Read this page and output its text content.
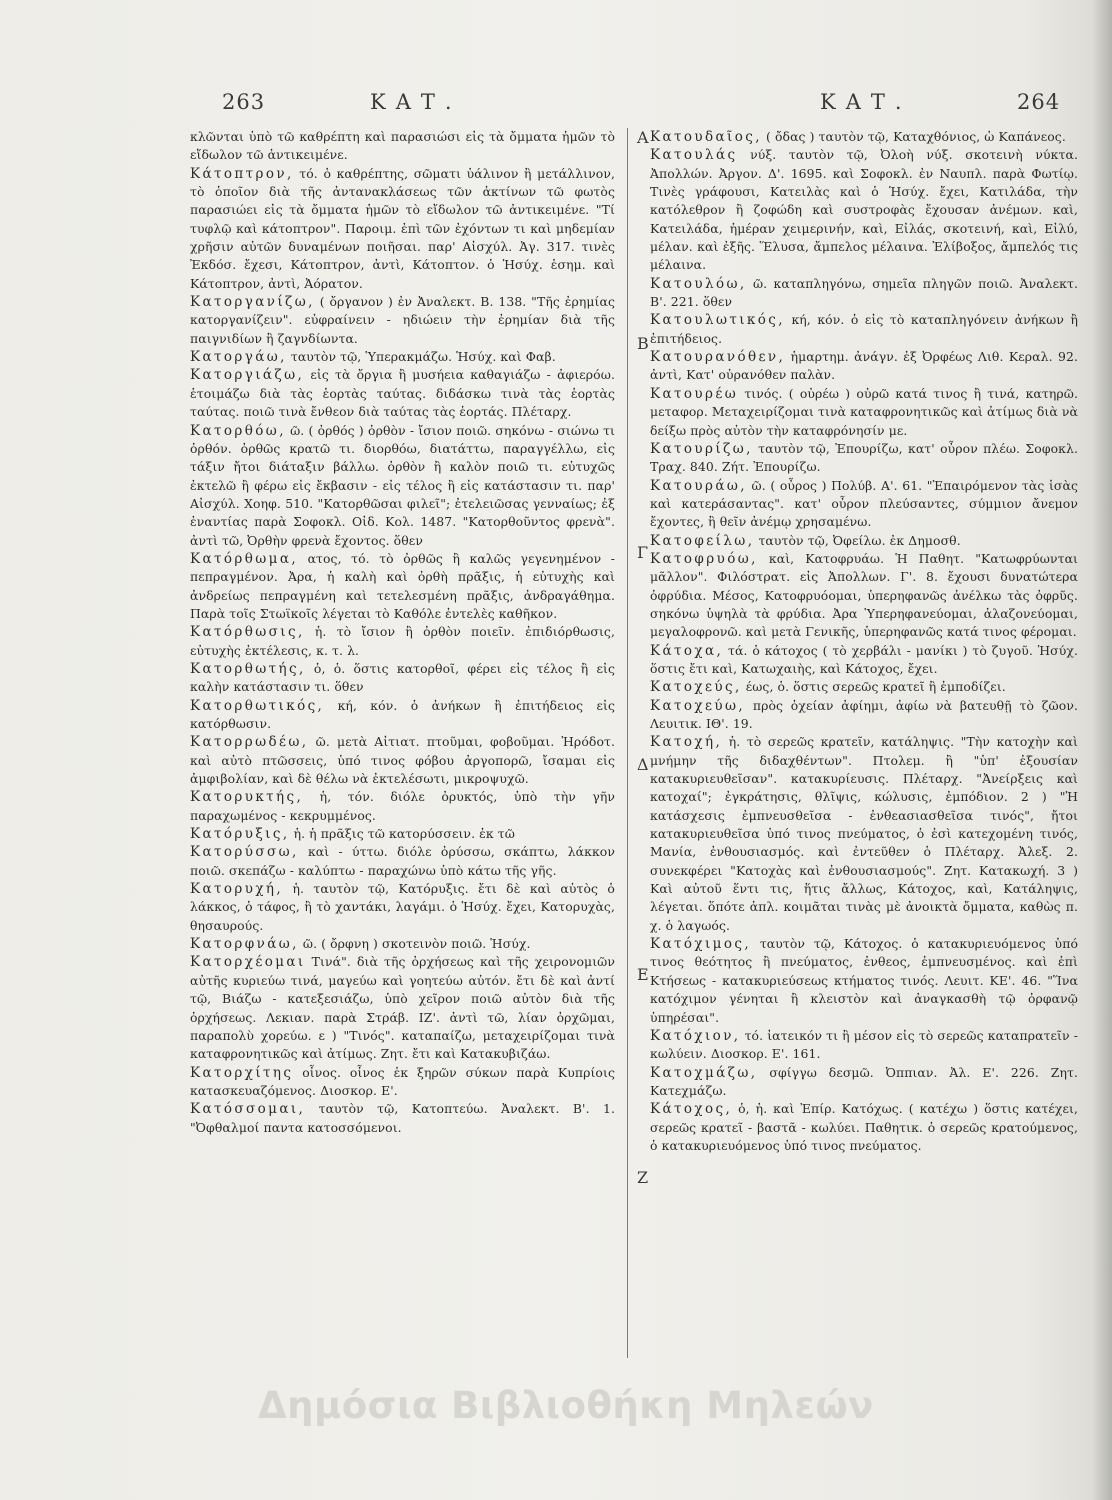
263	ΚΑΤ.	ΚΑΤ.	264

κλῶνται ὑπὸ τῶ καθρέπτη καὶ παρασιώσι εἰς τὰ ὄμματα ἡμῶν τὸ εἴδωλον τῶ ἀντικειμένε.

Κάτοπτρον, τό. ὁ καθρέπτης, σῶματι ὑάλινον ἢ μετάλλινον, τὸ ὁποῖον διὰ τῆς ἀντανακλάσεως τῶν ἀκτίνων τῶ φωτὸς παρασιώει εἰς τὰ ὄμματα ἡμῶν τὸ εἴδωλον τῶ ἀντικειμένε. "Τί τυφλῷ καὶ κάτοπτρον". Παροιμ. ἐπὶ τῶν ἐχόντων τι καὶ μηδεμίαν χρῆσιν αὐτῶν δυναμένων ποιῆσαι. παρ' Αἰσχύλ. Ἀγ. 317. τινὲς Ἐκδόσ. ἔχεσι, Κάτοπτρον, ἀντὶ, Κάτοπτον. ὁ Ἡσύχ. ἑσημ. καὶ Κάτοπτρον, ἀντὶ, Ἀόρατον.

Κατοργανίζω, ( ὄργανον ) ἐν Ἀναλεκτ. Β. 138. "Τῆς ἐρημίας κατοργανίζειν". εὐφραίνειν - ηδιώειν τὴν ἐρημίαν διὰ τῆς παιγνιδίων ἢ ζαγνδίωντα.

Κατοργάω, ταυτὸν τῷ, Ὑπερακμάζω. Ἡσύχ. καὶ Φαβ.

Κατοργιάζω, εἰς τὰ ὄργια ἢ μυσήεια καθαγιάζω - ἀφιερόω. ἑτοιμάζω διὰ τὰς ἑορτὰς ταύτας. διδάσκω τινὰ τὰς ἑορτὰς ταύτας. ποιῶ τινὰ ἔνθεον διὰ ταύτας τὰς ἑορτάς. Πλέταρχ.

Κατορθόω, ῶ. ( ὀρθός ) ὀρθὸν - ἴσιον ποιῶ. σηκόνω - σιώνω τι ὀρθόν. ὀρθῶς κρατῶ τι. διορθόω, διατάττω, παραγγέλλω, εἰς τάξιν ἤτοι διάταξιν βάλλω. ὀρθὸν ἢ καλὸν ποιῶ τι. εὐτυχῶς ἐκτελῶ ἢ φέρω εἰς ἔκβασιν - εἰς τέλος ἢ εἰς κατάστασιν τι. παρ' Αἰσχύλ. Χοηφ. 510. "Κατορθῶσαι φιλεῖ"; ἐτελειῶσας γενναίως; ἐξ ἐναντίας παρὰ Σοφοκλ. Οἰδ. Κολ. 1487. "Κατορθοῦντος φρενὰ". ἀντὶ τῶ, Ὀρθὴν φρενὰ ἔχοντος. ὅθεν

Κατόρθωμα, ατος, τό. τὸ ὀρθῶς ἢ καλῶς γεγενημένον - πεπραγμένον. Ἀρα, ἡ καλὴ καὶ ὀρθὴ πρᾶξις, ἡ εὐτυχὴς καὶ ἀνδρείως πεπραγμένη καὶ τετελεσμένη πρᾶξις, ἀνδραγάθημα. Παρὰ τοῖς Στωϊκοῖς λέγεται τὸ Καθόλε ἐντελὲς καθῆκον.

Κατόρθωσις, ἡ. τὸ ἴσιον ἢ ὀρθὸν ποιεῖν. ἐπιδιόρθωσις, εὐτυχὴς ἐκτέλεσις, κ. τ. λ.

Κατορθωτής, ὁ, ὁ. ὅστις κατορθοῖ, φέρει εἰς τέλος ἢ εἰς καλὴν κατάστασιν τι. ὅθεν

Κατορθωτικός, κή, κόν. ὁ ἀνήκων ἢ ἐπιτήδειος εἰς κατόρθωσιν.

Κατορρωδέω, ῶ. μετὰ Αἰτιατ. πτοῦμαι, φοβοῦμαι. Ἡρόδοτ. καὶ αὐτὸ πτῶσσεις, ὑπό τινος φόβου ἀργοπορῶ, ἴσαμαι εἰς ἀμφιβολίαν, καὶ δὲ θέλω νὰ ἐκτελέσωτι, μικροψυχῶ.

Κατορυκτής, ἡ, τόν. διόλε ὀρυκτός, ὑπὸ τὴν γῆν παραχωμένος - κεκρυμμένος.

Κατόρυξις, ἡ. ἡ πρᾶξις τῶ κατορύσσειν. ἐκ τῶ

Κατορύσσω, καὶ - ύττω. διόλε ὀρύσσω, σκάπτω, λάκκον ποιῶ. σκεπάζω - καλύπτω - παραχώνω ὑπὸ κάτω τῆς γῆς.

Κατορυχή, ἡ. ταυτὸν τῷ, Κατόρυξις. ἔτι δὲ καὶ αὐτὸς ὁ λάκκος, ὁ τάφος, ἢ τὸ χαντάκι, λαγάμι. ὁ Ἡσύχ. ἔχει, Κατορυχὰς, θησαυρούς.

Κατορφνάω, ῶ. ( ὄρφνη ) σκοτεινὸν ποιῶ. Ἡσύχ.

Κατορχέομαι Τινά". διὰ τῆς ὀρχήσεως καὶ τῆς χειρονομιῶν αὐτῆς κυριεύω τινά, μαγεύω καὶ γοητεύω αὐτόν. ἔτι δὲ καὶ ἀντί τῷ, Βιάζω - κατεξεσιάζω, ὑπὸ χεῖρον ποιῶ αὐτὸν διὰ τῆς ὀρχήσεως. Λεκιαν. παρὰ Στράβ. ΙΖ'. ἀντὶ τῶ, λίαν ὀρχῶμαι, παραπολὺ χορεύω. ε ) "Τινός". καταπαίζω, μεταχειρίζομαι τινὰ καταφρονητικῶς καὶ ἀτίμως. Ζητ. ἔτι καὶ Κατακυβιζάω.

Κατορχίτης οἶνος. οἶνος ἐκ ξηρῶν σύκων παρὰ Κυπρίοις κατασκευαζόμενος. Διοσκορ. Ε'.

Κατόσσομαι, ταυτὸν τῷ, Κατοπτεύω. Ἀναλεκτ. Β'. 1. "Ὀφθαλμοί παντα κατοσσόμενοι.

Κατουδαῖος, ( ὄδας ) ταυτὸν τῷ, Καταχθόνιος, ὡ Καπάνεος.

Κατουλάς νύξ. ταυτὸν τῷ, Ὀλοὴ νύξ. σκοτεινὴ νύκτα. Ἀπολλών. Ἀργον. Δ'. 1695. καὶ Σοφοκλ. ἐν Ναυπλ. παρὰ Φωτίῳ. Τινὲς γράφουσι, Κατειλὰς καὶ ὁ Ἡσύχ. ἔχει, Κατιλάδα, τὴν κατόλεθρον ἢ ζοφώδη καὶ συστροφὰς ἔχουσαν ἀνέμων. καὶ, Κατειλάδα, ἡμέραν χειμερινήν, καὶ, Εἰλάς, σκοτεινή, καὶ, Εἰλύ, μέλαν. καὶ ἐξῆς. Ἕλυσα, ἄμπελος μέλαινα. Ἐλίβοξος, ἄμπελός τις μέλαινα.

Κατουλόω, ῶ. καταπληγόνω, σημεῖα πληγῶν ποιῶ. Ἀναλεκτ. Β'. 221. ὅθεν

Κατουλωτικός, κή, κόν. ὁ εἰς τὸ καταπληγόνειν ἀνήκων ἢ ἐπιτήδειος.

Κατουρανόθεν, ἡμαρτημ. ἀνάγν. ἐξ Ὀρφέως Λιθ. Κεραλ. 92. ἀντὶ, Κατ' οὐρανόθεν παλὰν.

Κατουρέω τινός. ( οὐρέω ) οὐρῶ κατά τινος ἢ τινά, κατηρῶ. μεταφορ. Μεταχειρίζομαι τινὰ καταφρονητικῶς καὶ ἀτίμως διὰ νὰ δείξω πρὸς αὐτὸν τὴν καταφρόνησίν με.

Κατουρίζω, ταυτὸν τῷ, Ἐπουρίζω, κατ' οὖρον πλέω. Σοφοκλ. Τραχ. 840. Ζήτ. Ἐπουρίζω.

Κατουράω, ῶ. ( οὖρος ) Πολύβ. Α'. 61. "Ἐπαιρόμενον τὰς ἱσὰς καὶ κατεράσαντας". κατ' οὖρον πλεύσαντες, σύμμιον ἄνεμον ἔχοντες, ἢ θεῖν ἀνέμῳ χρησαμένω.

Κατοφείλω, ταυτὸν τῷ, Ὀφείλω. ἐκ Δημοσθ.

Κατοφρυόω, καὶ, Κατοφρυάω. Ἡ Παθητ. "Κατωφρύωνται μᾶλλον". Φιλόστρατ. εἰς Ἀπολλων. Γ'. 8. ἔχουσι δυνατώτερα ὀφρύδια. Μέσος, Κατοφρυόομαι, ὑπερηφανῶς ἀνέλκω τὰς ὀφρῦς. σηκόνω ὑψηλὰ τὰ φρύδια. Ἀρα Ὑπερηφανεύομαι, ἀλαζονεύομαι, μεγαλοφρονῶ. καὶ μετὰ Γενικῆς, ὑπερηφανῶς κατά τινος φέρομαι.

Κάτοχα, τά. ὁ κάτοχος ( τὸ χερβάλι - μανίκι ) τὸ ζυγοῦ. Ἡσύχ. ὅστις ἔτι καὶ, Κατωχαιὴς, καὶ Κάτοχος, ἔχει.

Κατοχεύς, έως, ὁ. ὅστις σερεῶς κρατεῖ ἢ ἐμποδίζει.

Κατοχεύω, πρὸς ὀχείαν ἀφίημι, ἀφίω νὰ βατευθῇ τὸ ζῶον. Λευιτικ. ΙΘ'. 19.

Κατοχή, ἡ. τὸ σερεῶς κρατεῖν, κατάληψις. "Τὴν κατοχὴν καὶ μνήμην τῆς διδαχθέντων". Πτολεμ. ἢ "ὑπ' ἐξουσίαν κατακυριευθεῖσαν". κατακυρίευσις. Πλέταρχ. "Ἀνείρξεις καὶ κατοχαί"; ἐγκράτησις, θλῖψις, κώλυσις, ἐμπόδιον. 2 ) "Ἡ κατάσχεσις ἐμπνευσθεῖσα - ἐνθεασιασθεῖσα τινός", ἤτοι κατακυριευθεῖσα ὑπό τινος πνεύματος, ὁ ἐσὶ κατεχομένη τινός, Μανία, ἐνθουσιασμός. καὶ ἐντεῦθεν ὁ Πλέταρχ. Ἀλεξ. 2. συνεκφέρει "Κατοχὰς καὶ ἐνθουσιασμούς". Ζητ. Κατακωχή. 3 ) Καὶ αὐτοῦ ἕντι τις, ἥτις ἄλλως, Κάτοχος, καὶ, Κατάληψις, λέγεται. ὅπότε ἀπλ. κοιμᾶται τινὰς μὲ ἀνοικτὰ ὄμματα, καθὼς π. χ. ὁ λαγωός.

Κατόχιμος, ταυτὸν τῷ, Κάτοχος. ὁ κατακυριευόμενος ὑπό τινος θεότητος ἢ πνεύματος, ἐνθεος, ἐμπνευσμένος. καὶ ἐπὶ Κτήσεως - κατακυριεύσεως κτήματος τινός. Λευιτ. ΚΕ'. 46. "Ἵνα κατόχιμον γένηται ἢ κλειστὸν καὶ ἀναγκασθὴ τῷ ὀρφανῷ ὑπηρέσαι".

Κατόχιον, τό. ἰατεικόν τι ἢ μέσον εἰς τὸ σερεῶς καταπρατεῖν - κωλύειν. Διοσκορ. Ε'. 161.

Κατοχμάζω, σφίγγω δεσμῶ. Ὀππιαν. Ἀλ. Ε'. 226. Ζητ. Κατεχμάζω.

Κάτοχος, ὁ, ἡ. καὶ Ἐπίρ. Κατόχως. ( κατέχω ) ὅστις κατέχει, σερεῶς κρατεῖ - βαστᾶ - κωλύει. Παθητικ. ὁ σερεῶς κρατούμενος, ὁ κατακυριευόμενος ὑπό τινος πνεύματος.

A
B
Γ
Δ
E
Z
Δημόσια Βιβλιοθήκη Μηλεών
